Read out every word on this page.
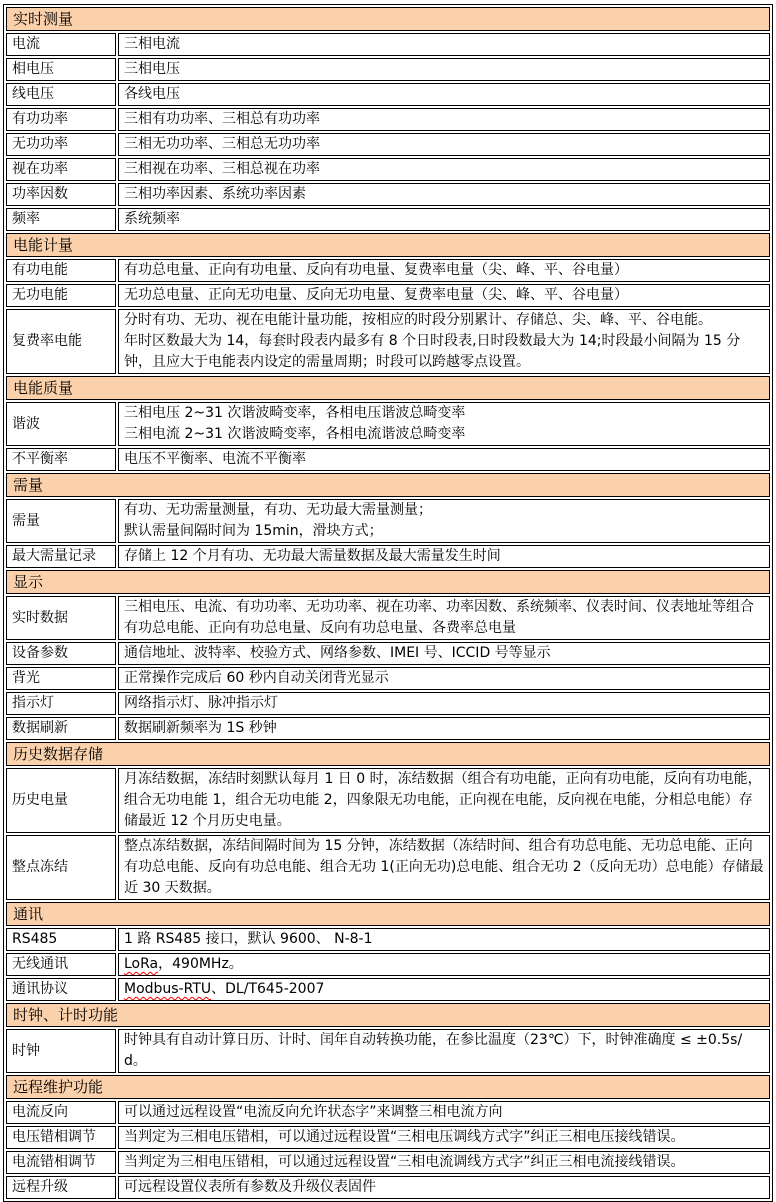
实时测量	
电流	三相电流

相电压	三相电压

线电压	各线电压

有功功率	三相有功功率、三相总有功功率

无功功率	三相无功功率、三相总无功功率

视在功率	三相视在功率、三相总视在功率

功率因数	三相功率因素、系统功率因素

频率	系统频率

电能计量	
有功电能	有功总电量、正向有功电量、反向有功电量、复费率电量（尖、峰、平、谷电量）

无功电能	无功总电量、正向无功电量、反向无功电量、复费率电量（尖、峰、平、谷电量）

复费率电能	分时有功、无功、视在电能计量功能，按相应的时段分别累计、存储总、尖、峰、平、谷电能。
年时区数最大为 14，每套时段表内最多有 8 个日时段表,日时段数最大为 14;时段最小间隔为 15 分钟，且应大于电能表内设定的需量周期；时段可以跨越零点设置。

电能质量	
谐波	三相电压 2~31 次谐波畸变率，各相电压谐波总畸变率
三相电流 2~31 次谐波畸变率，各相电流谐波总畸变率

不平衡率	电压不平衡率、电流不平衡率

需量	
需量	有功、无功需量测量，有功、无功最大需量测量；
默认需量间隔时间为 15min，滑块方式；

最大需量记录	存储上 12 个月有功、无功最大需量数据及最大需量发生时间

显示	
实时数据	三相电压、电流、有功功率、无功功率、视在功率、功率因数、系统频率、仪表时间、仪表地址等组合
有功总电能、正向有功总电量、反向有功总电量、各费率总电量

设备参数	通信地址、波特率、校验方式、网络参数、IMEI 号、ICCID 号等显示

背光	正常操作完成后 60 秒内自动关闭背光显示

指示灯	网络指示灯、脉冲指示灯

数据刷新	数据刷新频率为 1S 秒钟

历史数据存储	
历史电量	月冻结数据，冻结时刻默认每月 1 日 0 时，冻结数据（组合有功电能，正向有功电能，反向有功电能，组合无功电能 1，组合无功电能 2，四象限无功电能，正向视在电能，反向视在电能，分相总电能）存储最近 12 个月历史电量。

整点冻结	整点冻结数据，冻结间隔时间为 15 分钟，冻结数据（冻结时间、组合有功总电能、无功总电能、正向有功总电能、反向有功总电能、组合无功 1(正向无功)总电能、组合无功 2（反向无功）总电能）存储最近 30 天数据。

通讯	
RS485	1 路 RS485 接口，默认 9600、 N-8-1

无线通讯	LoRa，490MHz。

通讯协议	Modbus-RTU、DL/T645-2007

时钟、计时功能	
时钟	时钟具有自动计算日历、计时、闰年自动转换功能，在参比温度（23℃）下，时钟准确度 ≤ ±0.5s/d。

远程维护功能	
电流反向	可以通过远程设置“电流反向允许状态字”来调整三相电流方向

电压错相调节	当判定为三相电压错相，可以通过远程设置“三相电压调线方式字”纠正三相电压接线错误。

电流错相调节	当判定为三相电压错相，可以通过远程设置“三相电流调线方式字”纠正三相电流接线错误。

远程升级	可远程设置仪表所有参数及升级仪表固件
